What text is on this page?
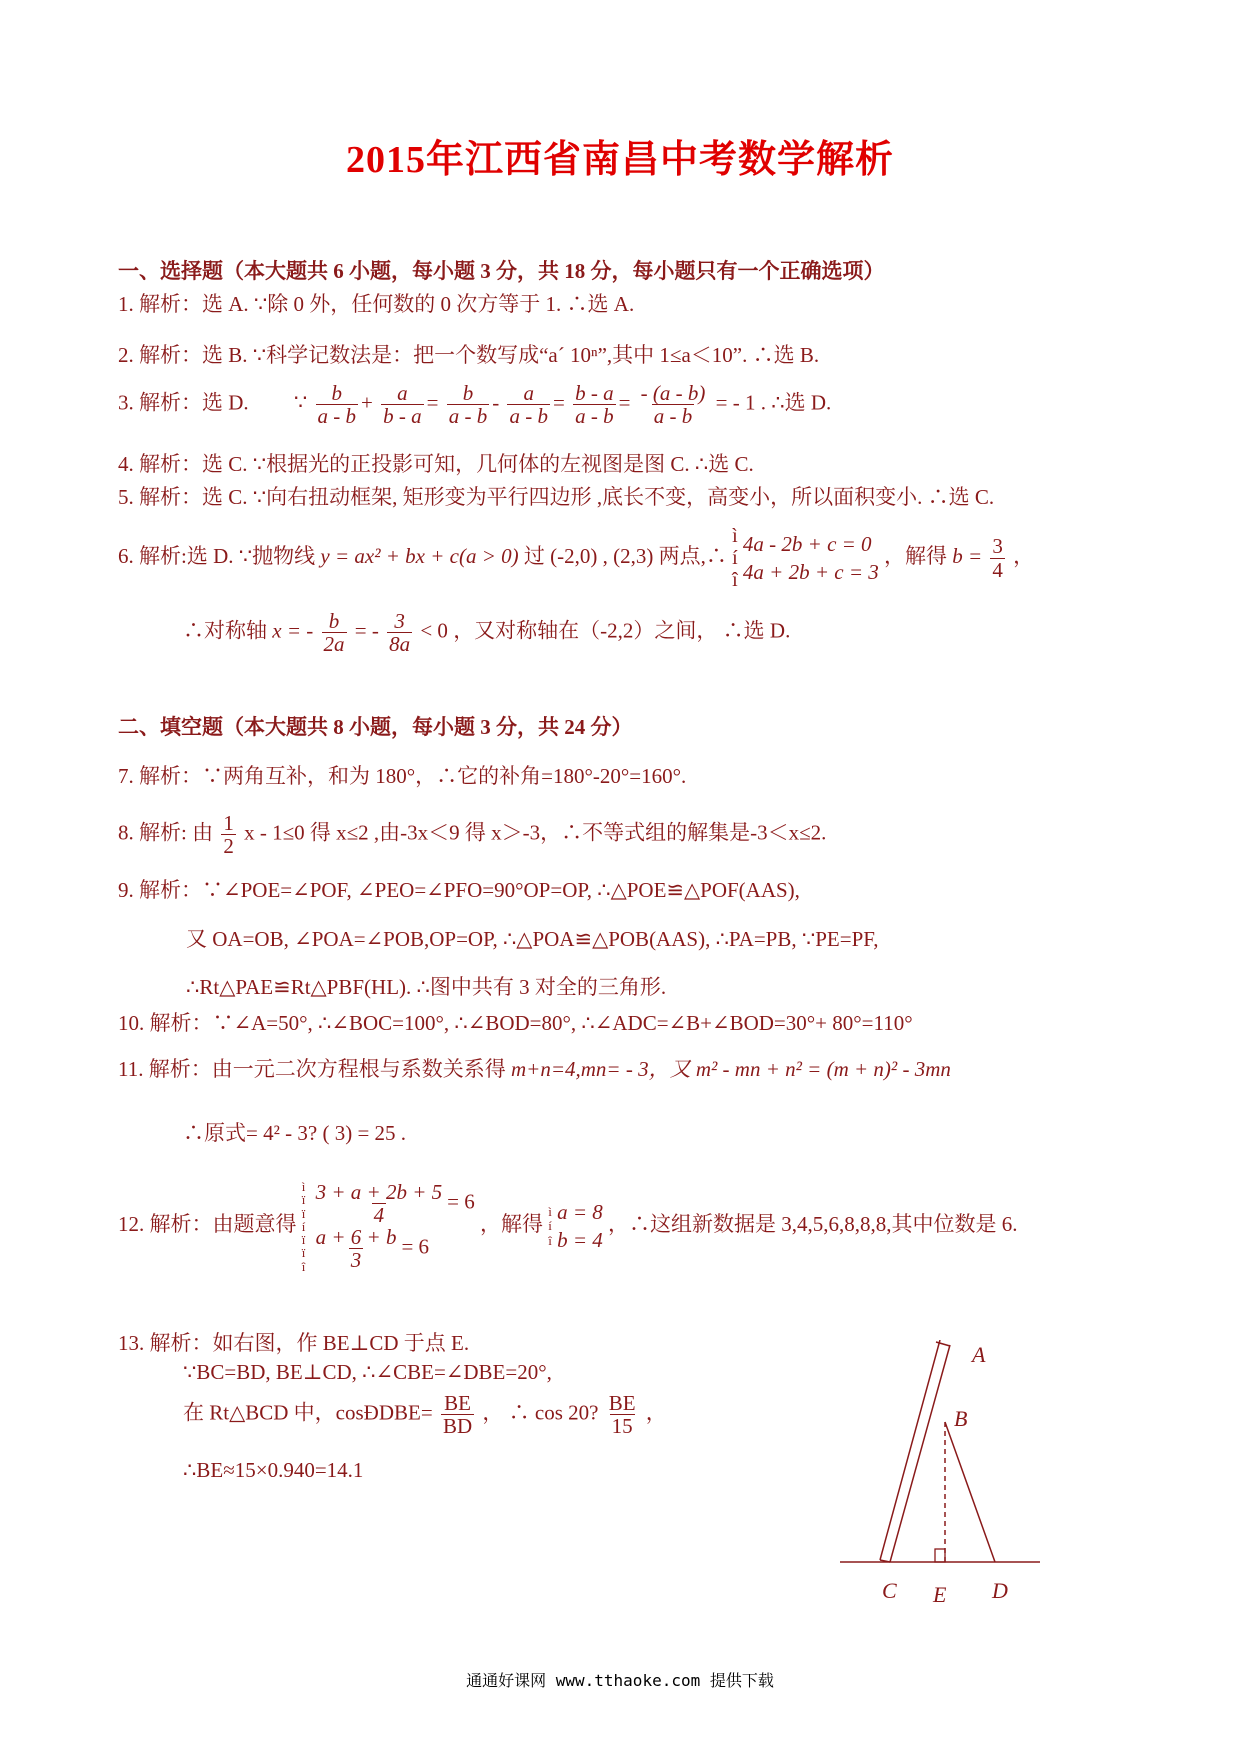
2015年江西省南昌中考数学解析
一、选择题（本大题共 6 小题，每小题 3 分，共 18 分，每小题只有一个正确选项）
1. 解析：选 A. ∵除 0 外，任何数的 0 次方等于 1. ∴选 A.
2. 解析：选 B. ∵科学记数法是：把一个数写成“a´ 10ⁿ”,其中 1≤a＜10”. ∴选 B.
3. 解析：选 D. ∵ $\frac{b}{a - b} + \frac{a}{b - a} = \frac{b}{a - b} - \frac{a}{a - b} = \frac{b - a}{a - b} = \frac{- (a - b)}{a - b}$ = - 1 . ∴选 D.
4. 解析：选 C. ∵根据光的正投影可知，几何体的左视图是图 C. ∴选 C.
5. 解析：选 C. ∵向右扭动框架, 矩形变为平行四边形 ,底长不变，高变小，所以面积变小. ∴选 C.
6. 解析:选 D. ∵抛物线 y = ax² + bx + c(a > 0) 过 (-2,0) , (2,3) 两点,∴
ì
í
î

4a - 2b + c = 0
4a + 2b + c = 3
，解得 $b = \frac{3}{4}$ ，
∴对称轴 x = - $\frac{b}{2a}$ = - $\frac{3}{8a} < 0$ ，又对称轴在（-2,2）之间， ∴选 D.
二、填空题（本大题共 8 小题，每小题 3 分，共 24 分）
7. 解析：∵两角互补，和为 180°，∴它的补角=180°-20°=160°.
8. 解析: 由 $\frac{1}{2}$ x - 1≤0 得 x≤2 ,由-3x＜9 得 x＞-3，∴不等式组的解集是-3＜x≤2.
9. 解析：∵∠POE=∠POF, ∠PEO=∠PFO=90°OP=OP, ∴△POE≌△POF(AAS),
又 OA=OB, ∠POA=∠POB,OP=OP, ∴△POA≌△POB(AAS), ∴PA=PB, ∵PE=PF,
∴Rt△PAE≌Rt△PBF(HL). ∴图中共有 3 对全的三角形.
10. 解析：∵∠A=50°, ∴∠BOC=100°, ∴∠BOD=80°, ∴∠ADC=∠B+∠BOD=30°+ 80°=110°
11. 解析：由一元二次方程根与系数关系得 m+n=4,mn= - 3，又 m² - mn + n² = (m + n)² - 3mn
∴原式= 4² - 3? ( 3) = 25 .
12. 解析：由题意得
ì
ï
ï
í
ï
ï
î

$\frac{3 + a + 2b + 5}{4} = 6$
$\frac{a + 6 + b}{3} = 6$
，解得
ì
í
î

a = 8
b = 4
，∴这组新数据是 3,4,5,6,8,8,8,其中位数是 6.
13. 解析：如右图，作 BE⊥CD 于点 E.
∵BC=BD, BE⊥CD, ∴∠CBE=∠DBE=20°,
在 Rt△BCD 中，cosÐDBE= $\frac{BE}{BD}$ ， ∴ cos 20? $\frac{BE}{15}$ ，
∴BE≈15×0.940=14.1
A
B
C E D
通通好课网 www.tthaoke.com 提供下载
